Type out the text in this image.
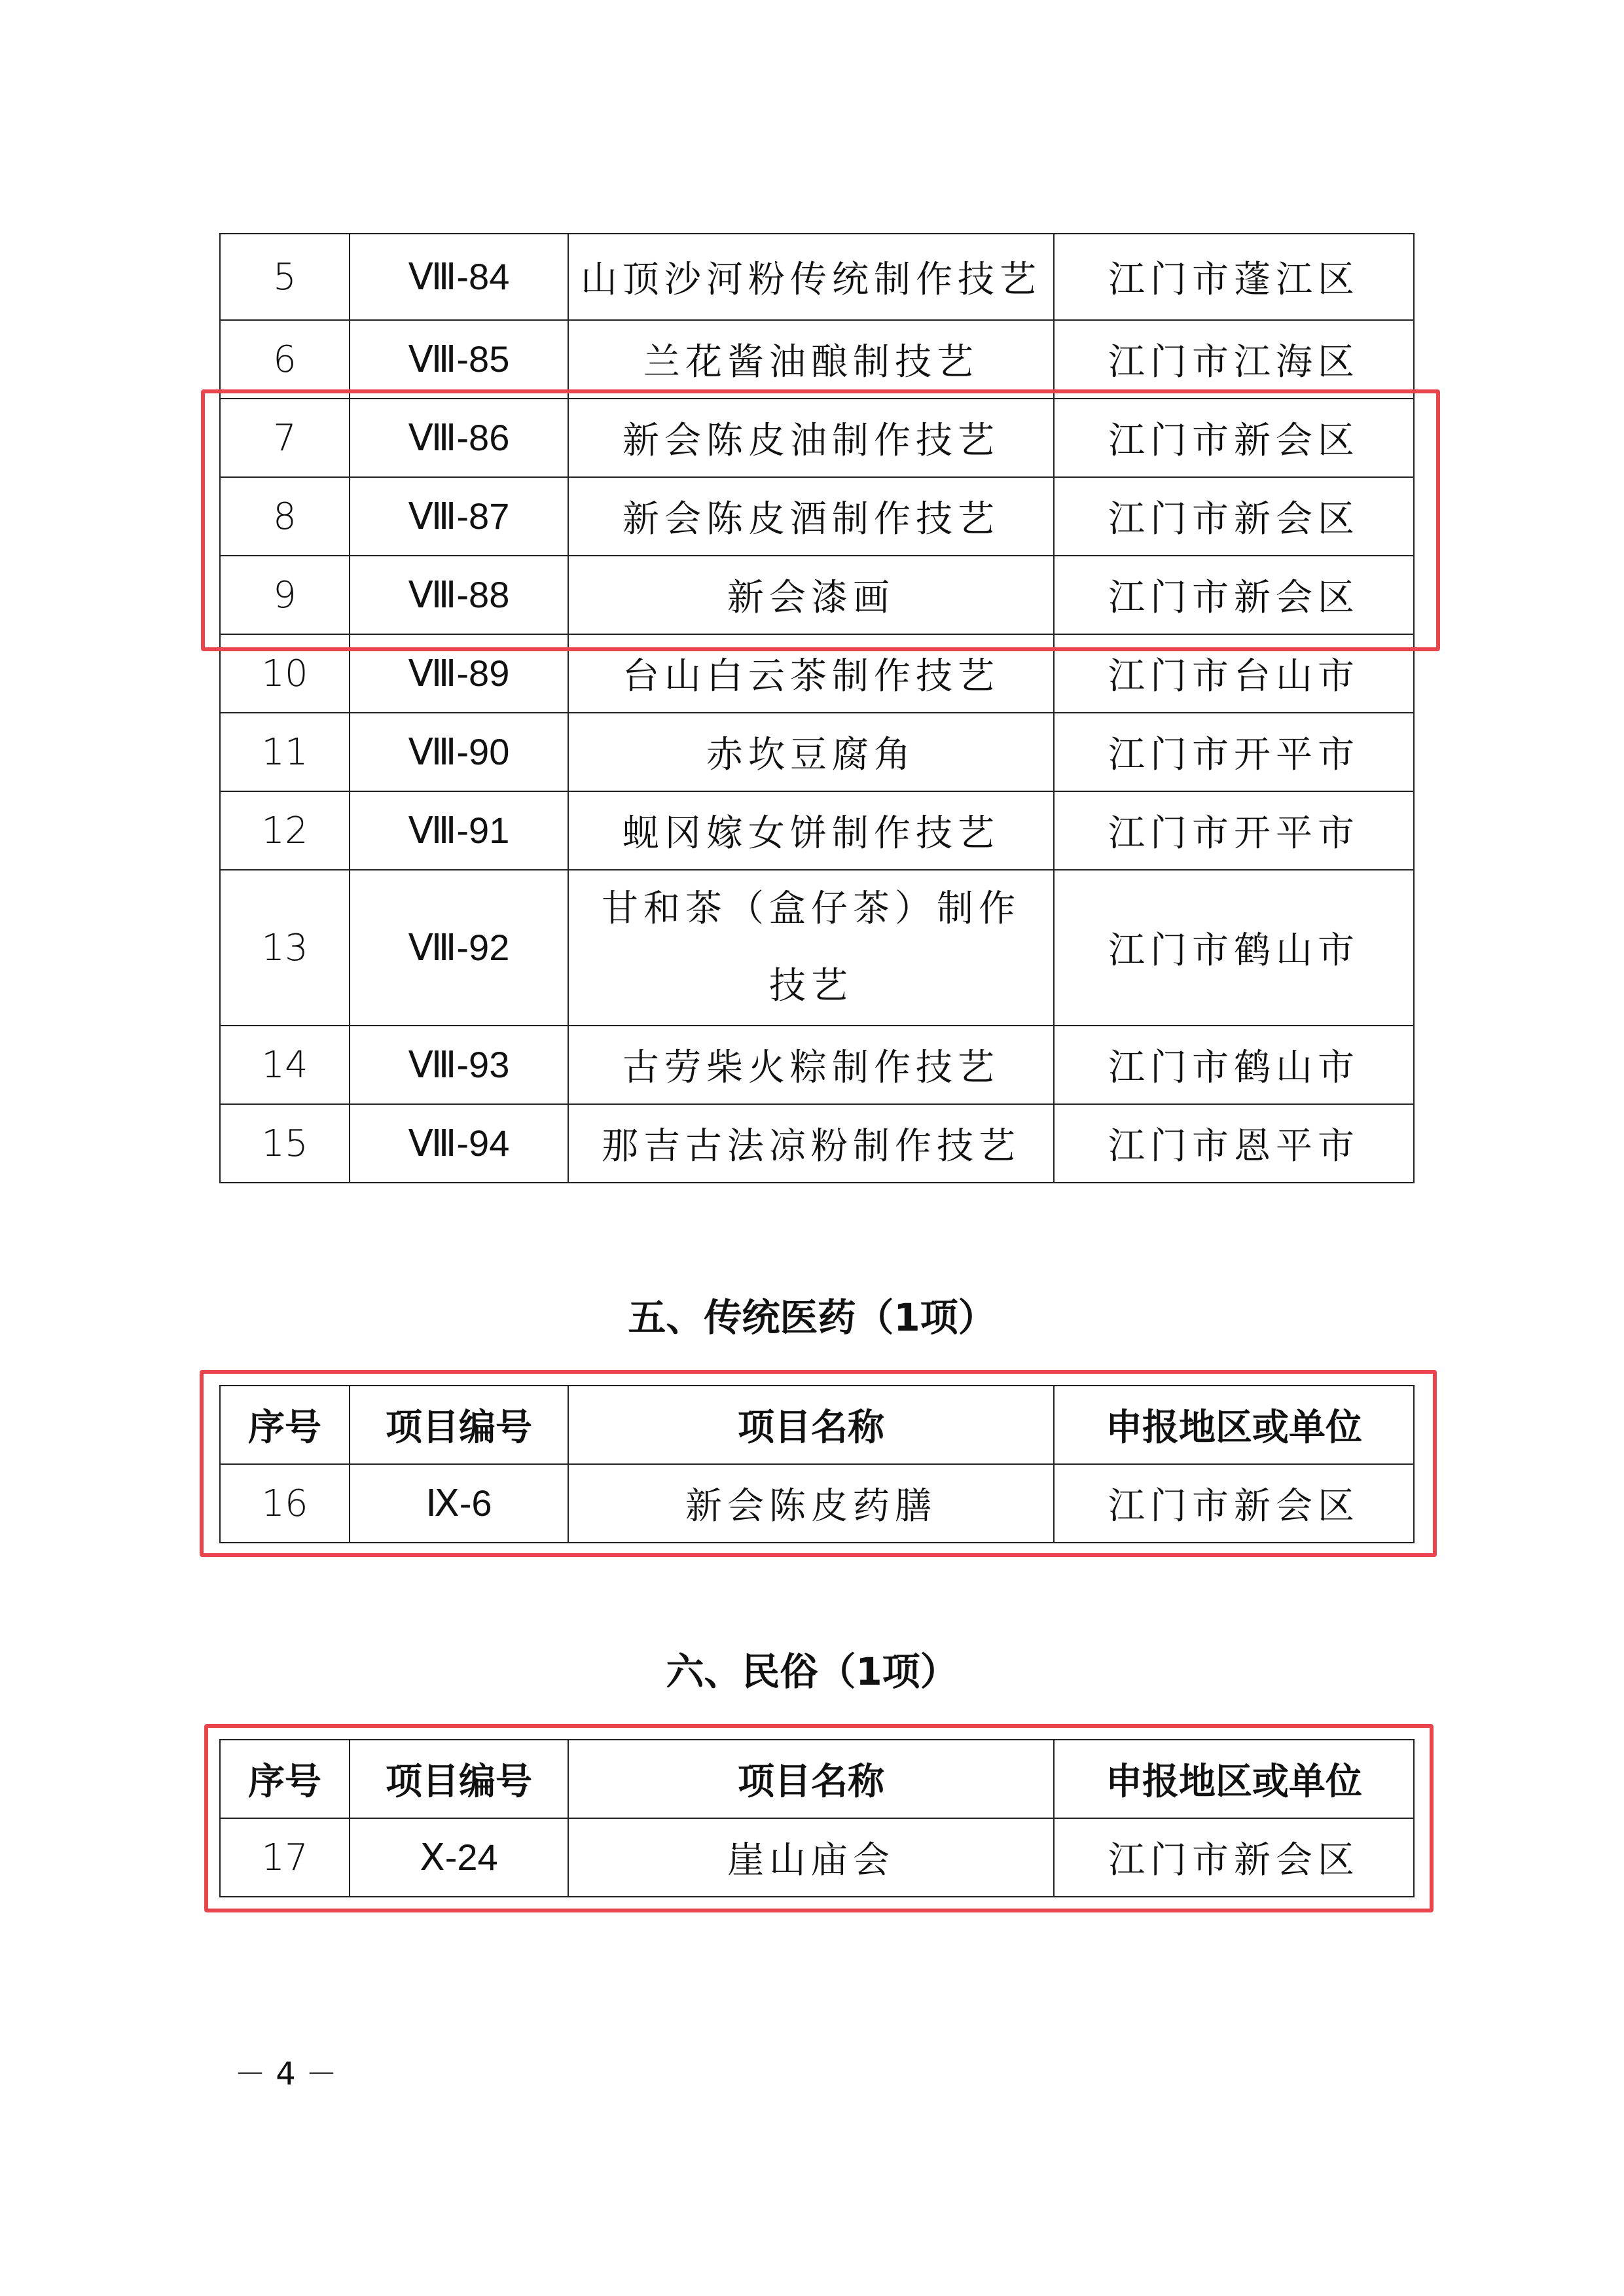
5	Ⅷ-84	山顶沙河粉传统制作技艺	江门市蓬江区
6	Ⅷ-85	兰花酱油酿制技艺	江门市江海区
7	Ⅷ-86	新会陈皮油制作技艺	江门市新会区
8	Ⅷ-87	新会陈皮酒制作技艺	江门市新会区
9	Ⅷ-88	新会漆画	江门市新会区
10	Ⅷ-89	台山白云茶制作技艺	江门市台山市
11	Ⅷ-90	赤坎豆腐角	江门市开平市
12	Ⅷ-91	蚬冈嫁女饼制作技艺	江门市开平市
13	Ⅷ-92	甘和茶（盒仔茶）制作技艺	江门市鹤山市
14	Ⅷ-93	古劳柴火粽制作技艺	江门市鹤山市
15	Ⅷ-94	那吉古法凉粉制作技艺	江门市恩平市
五、传统医药（1项）
序号	项目编号	项目名称	申报地区或单位
16	Ⅸ-6	新会陈皮药膳	江门市新会区
六、民俗（1项）
序号	项目编号	项目名称	申报地区或单位
17	Ⅹ-24	崖山庙会	江门市新会区
－ 4 －
